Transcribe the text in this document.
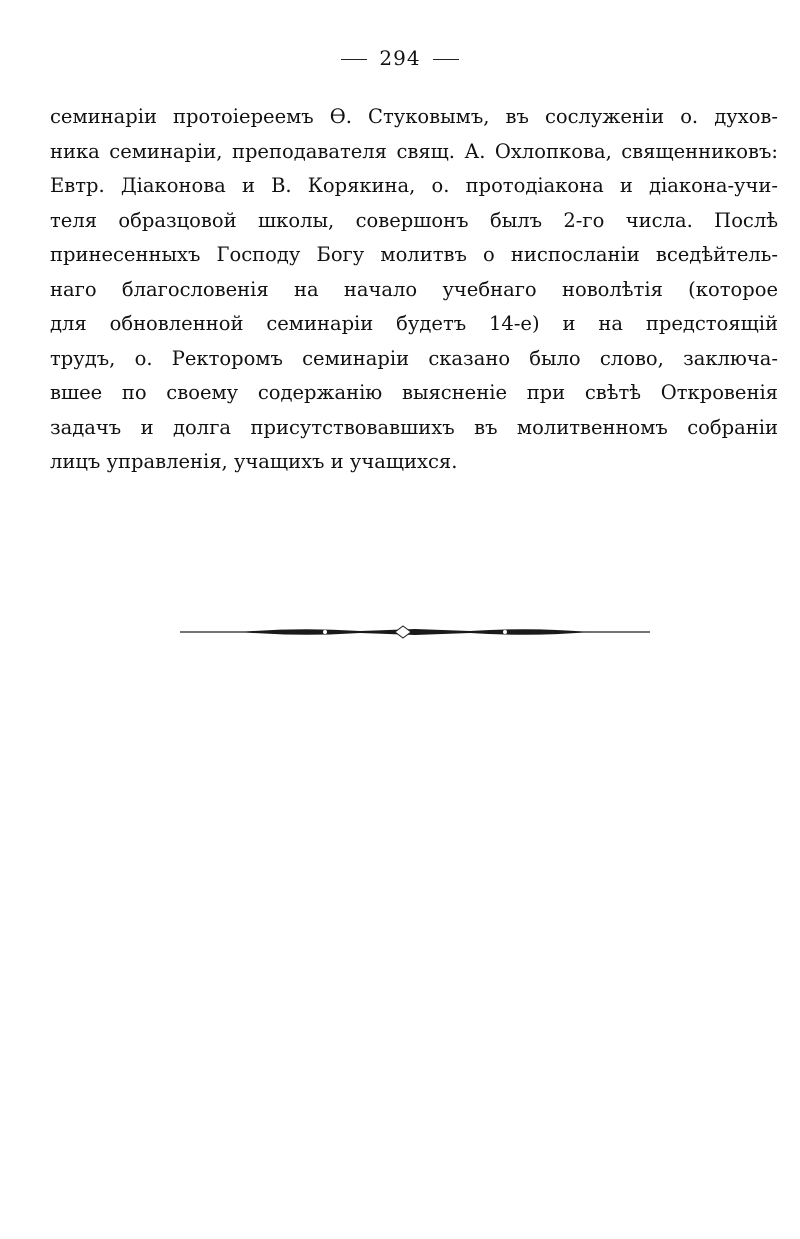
294
семинаріи протоіереемъ Ѳ. Стуковымъ, въ сослуженіи о. духов-
ника семинаріи, преподавателя свящ. А. Охлопкова, священниковъ:
Евтр. Діаконова и В. Корякина, о. протодіакона и діакона-учи-
теля образцовой школы, совершонъ былъ 2-го числа. Послѣ
принесенныхъ Господу Богу молитвъ о ниспосланіи вседѣйтель-
наго благословенія на начало учебнаго новолѣтія (которое
для обновленной семинаріи будетъ 14-е) и на предстоящій
трудъ, о. Ректоромъ семинаріи сказано было слово, заключа-
вшее по своему содержанію выясненіе при свѣтѣ Откровенія
задачъ и долга присутствовавшихъ въ молитвенномъ собраніи
лицъ управленія, учащихъ и учащихся.
